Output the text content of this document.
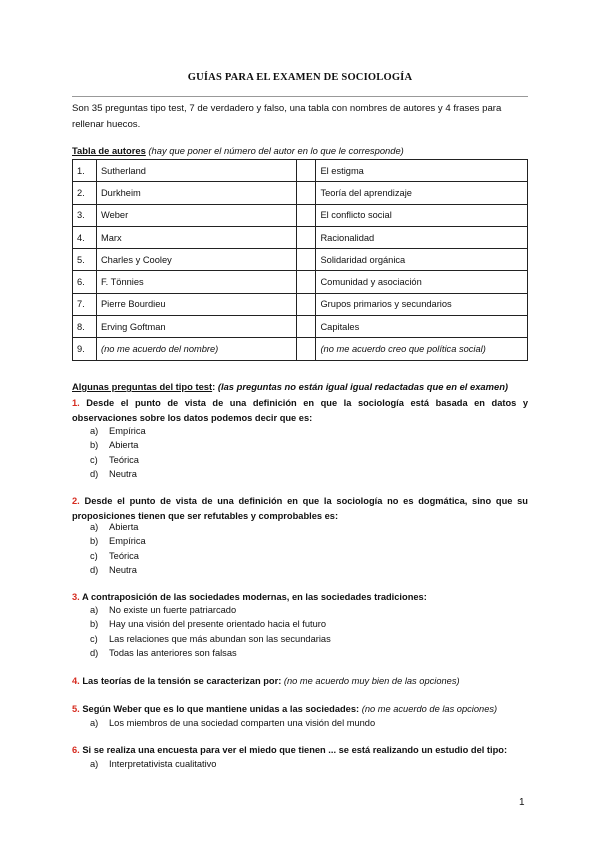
GUÍAS PARA EL EXAMEN DE SOCIOLOGÍA
Son 35 preguntas tipo test, 7 de verdadero y falso, una tabla con nombres de autores y 4 frases para rellenar huecos.
Tabla de autores (hay que poner el número del autor en lo que le corresponde)
1.	Sutherland		El estigma
2.	Durkheim		Teoría del aprendizaje
3.	Weber		El conflicto social
4.	Marx		Racionalidad
5.	Charles y Cooley		Solidaridad orgánica
6.	F. Tönnies		Comunidad y asociación
7.	Pierre Bourdieu		Grupos primarios y secundarios
8.	Erving Goftman		Capitales
9.	(no me acuerdo del nombre)		(no me acuerdo creo que política social)
Algunas preguntas del tipo test: (las preguntas no están igual igual redactadas que en el examen)
1. Desde el punto de vista de una definición en que la sociología está basada en datos y observaciones sobre los datos podemos decir que es:
a)	Empírica
b)	Abierta
c)	Teórica
d)	Neutra
2. Desde el punto de vista de una definición en que la sociología no es dogmática, sino que su proposiciones tienen que ser refutables y comprobables es:
a)	Abierta
b)	Empírica
c)	Teórica
d)	Neutra
3. A contraposición de las sociedades modernas, en las sociedades tradiciones:
a)	No existe un fuerte patriarcado
b)	Hay una visión del presente orientado hacia el futuro
c)	Las relaciones que más abundan son las secundarias
d)	Todas las anteriores son falsas
4. Las teorías de la tensión se caracterizan por: (no me acuerdo muy bien de las opciones)
5. Según Weber que es lo que mantiene unidas a las sociedades: (no me acuerdo de las opciones)
a)	Los miembros de una sociedad comparten una visión del mundo
6. Si se realiza una encuesta para ver el miedo que tienen ... se está realizando un estudio del tipo:
a)	Interpretativista cualitativo
1
